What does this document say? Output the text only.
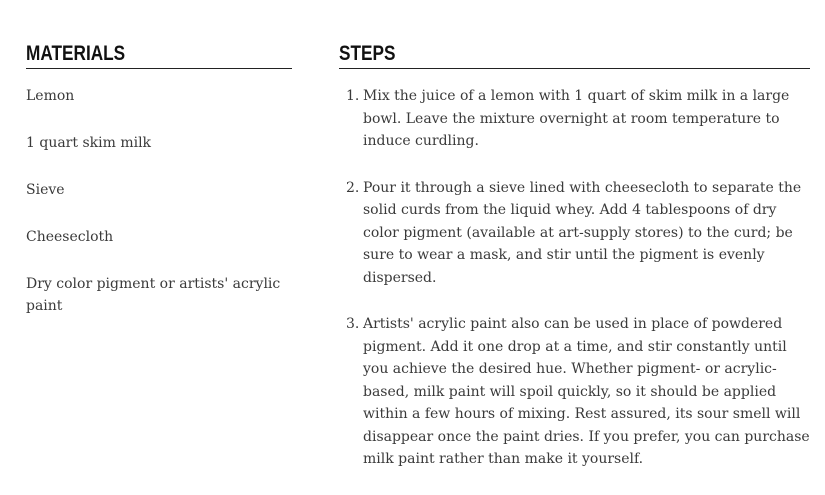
MATERIALS
Lemon
1 quart skim milk
Sieve
Cheesecloth
Dry color pigment or artists' acrylic paint
STEPS
1. Mix the juice of a lemon with 1 quart of skim milk in a large bowl. Leave the mixture overnight at room temperature to induce curdling.
2. Pour it through a sieve lined with cheesecloth to separate the solid curds from the liquid whey. Add 4 tablespoons of dry color pigment (available at art-supply stores) to the curd; be sure to wear a mask, and stir until the pigment is evenly dispersed.
3. Artists' acrylic paint also can be used in place of powdered pigment. Add it one drop at a time, and stir constantly until you achieve the desired hue. Whether pigment- or acrylic-based, milk paint will spoil quickly, so it should be applied within a few hours of mixing. Rest assured, its sour smell will disappear once the paint dries. If you prefer, you can purchase milk paint rather than make it yourself.
